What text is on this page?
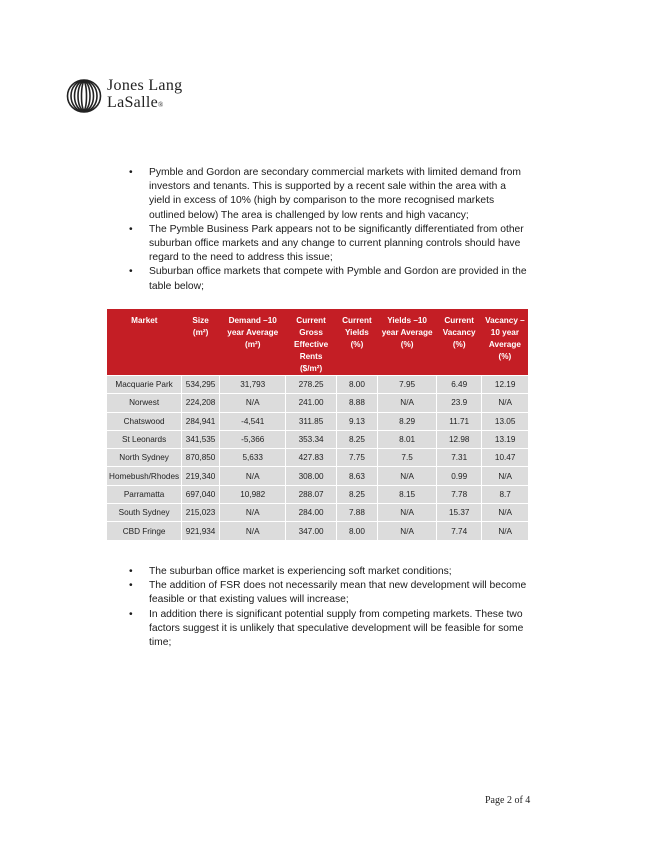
Jones Lang
LaSalle®
• Pymble and Gordon are secondary commercial markets with limited demand from investors and tenants. This is supported by a recent sale within the area with a yield in excess of 10% (high by comparison to the more recognised markets outlined below) The area is challenged by low rents and high vacancy;
• The Pymble Business Park appears not to be significantly differentiated from other suburban office markets and any change to current planning controls should have regard to the need to address this issue;
• Suburban office markets that compete with Pymble and Gordon are provided in the table below;
Market	Size (m²)	Demand –10 year Average (m²)	Current Gross Effective Rents ($/m²)	Current Yields (%)	Yields –10 year Average (%)	Current Vacancy (%)	Vacancy –10 year Average (%)
Macquarie Park	534,295	31,793	278.25	8.00	7.95	6.49	12.19
Norwest	224,208	N/A	241.00	8.88	N/A	23.9	N/A
Chatswood	284,941	-4,541	311.85	9.13	8.29	11.71	13.05
St Leonards	341,535	-5,366	353.34	8.25	8.01	12.98	13.19
North Sydney	870,850	5,633	427.83	7.75	7.5	7.31	10.47
Homebush/Rhodes	219,340	N/A	308.00	8.63	N/A	0.99	N/A
Parramatta	697,040	10,982	288.07	8.25	8.15	7.78	8.7
South Sydney	215,023	N/A	284.00	7.88	N/A	15.37	N/A
CBD Fringe	921,934	N/A	347.00	8.00	N/A	7.74	N/A
• The suburban office market is experiencing soft market conditions;
• The addition of FSR does not necessarily mean that new development will become feasible or that existing values will increase;
• In addition there is significant potential supply from competing markets. These two factors suggest it is unlikely that speculative development will be feasible for some time;
Page 2 of 4
